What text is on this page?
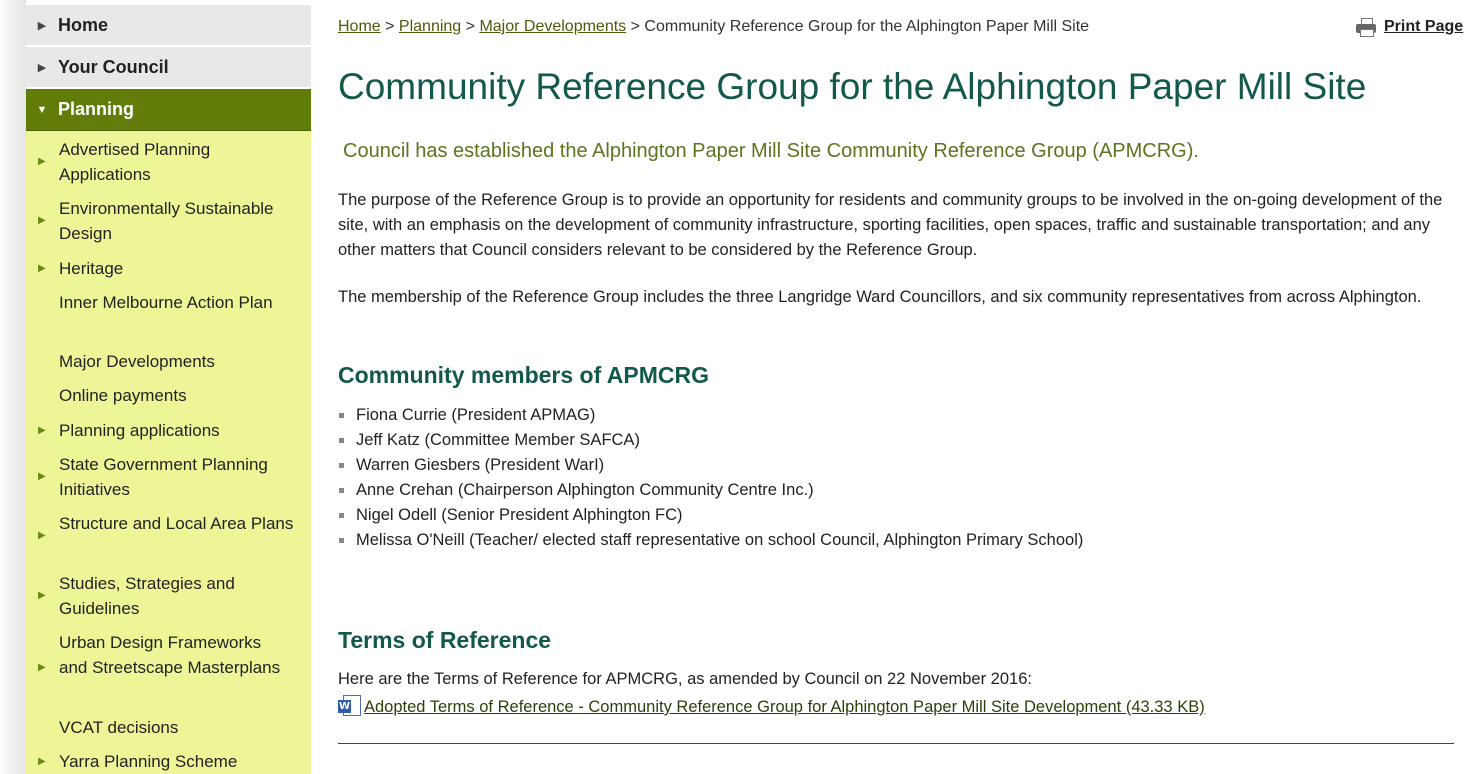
▶ Home
▶ Your Council
▼ Planning
▶
Advertised Planning Applications
▶
Environmentally Sustainable Design
▶ Heritage
Inner Melbourne Action Plan
Major Developments
Online payments
▶ Planning applications
▶
State Government Planning Initiatives
▶
Structure and Local Area Plans
▶
Studies, Strategies and Guidelines
▶
Urban Design Frameworks and Streetscape Masterplans
VCAT decisions
▶ Yarra Planning Scheme
Home > Planning > Major Developments > Community Reference Group for the Alphington Paper Mill Site	Print Page
Community Reference Group for the Alphington Paper Mill Site
Council has established the Alphington Paper Mill Site Community Reference Group (APMCRG).

The purpose of the Reference Group is to provide an opportunity for residents and community groups to be involved in the on-going development of the site, with an emphasis on the development of community infrastructure, sporting facilities, open spaces, traffic and sustainable transportation; and any other matters that Council considers relevant to be considered by the Reference Group.

The membership of the Reference Group includes the three Langridge Ward Councillors, and six community representatives from across Alphington.

Community members of APMCRG
Fiona Currie (President APMAG)
Jeff Katz (Committee Member SAFCA)
Warren Giesbers (President WarI)
Anne Crehan (Chairperson Alphington Community Centre Inc.)
Nigel Odell (Senior President Alphington FC)
Melissa O'Neill (Teacher/ elected staff representative on school Council, Alphington Primary School)
Terms of Reference

Here are the Terms of Reference for APMCRG, as amended by Council on 22 November 2016:

W Adopted Terms of Reference - Community Reference Group for Alphington Paper Mill Site Development (43.33 KB)
